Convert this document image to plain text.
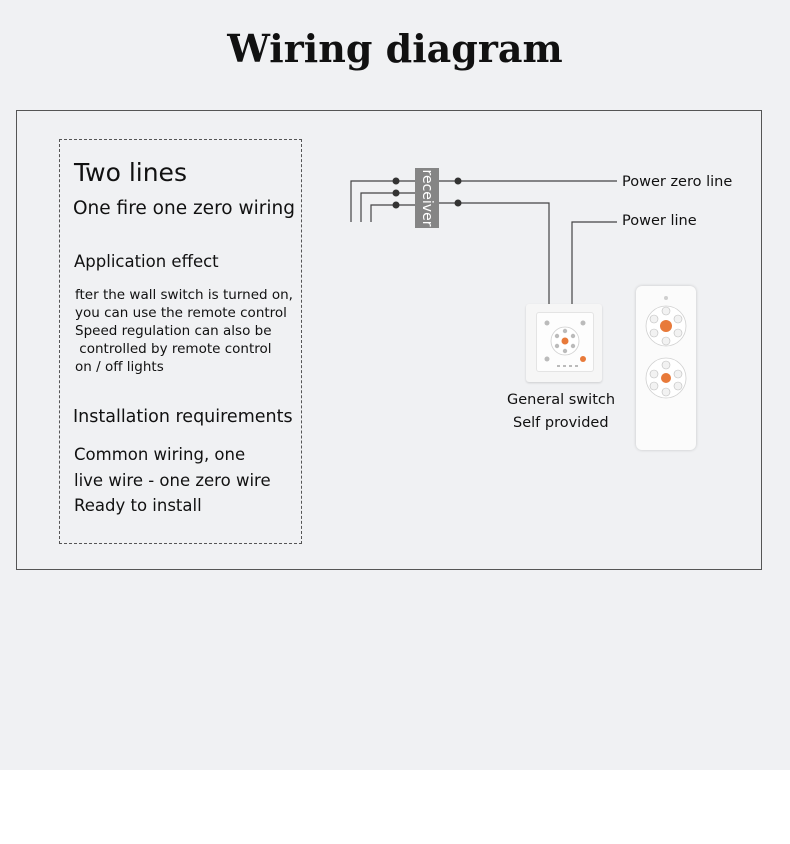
Wiring diagram
Two lines
One fire one zero wiring
Application effect
fter the wall switch is turned on,
you can use the remote control
Speed regulation can also be
controlled by remote control
on / off lights
Installation requirements
Common wiring, one
live wire - one zero wire
Ready to install
receiver	Power zero line
Power line
General switch
Self provided
